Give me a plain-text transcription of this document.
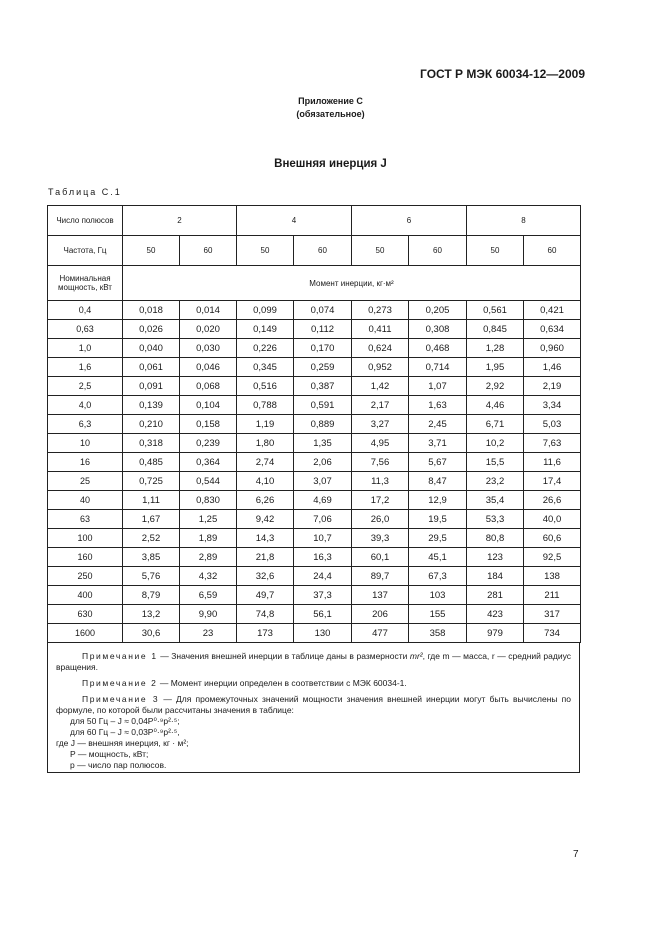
ГОСТ Р МЭК 60034-12—2009
Приложение С
(обязательное)
Внешняя инерция J
Таблица С.1
Число полюсов	2		4		6		8	
Частота, Гц	50	60	50	60	50	60	50	60
Номинальная мощность, кВт	Момент инерции, кг·м²							
0,4	0,018	0,014	0,099	0,074	0,273	0,205	0,561	0,421
0,63	0,026	0,020	0,149	0,112	0,411	0,308	0,845	0,634
1,0	0,040	0,030	0,226	0,170	0,624	0,468	1,28	0,960
1,6	0,061	0,046	0,345	0,259	0,952	0,714	1,95	1,46
2,5	0,091	0,068	0,516	0,387	1,42	1,07	2,92	2,19
4,0	0,139	0,104	0,788	0,591	2,17	1,63	4,46	3,34
6,3	0,210	0,158	1,19	0,889	3,27	2,45	6,71	5,03
10	0,318	0,239	1,80	1,35	4,95	3,71	10,2	7,63
16	0,485	0,364	2,74	2,06	7,56	5,67	15,5	11,6
25	0,725	0,544	4,10	3,07	11,3	8,47	23,2	17,4
40	1,11	0,830	6,26	4,69	17,2	12,9	35,4	26,6
63	1,67	1,25	9,42	7,06	26,0	19,5	53,3	40,0
100	2,52	1,89	14,3	10,7	39,3	29,5	80,8	60,6
160	3,85	2,89	21,8	16,3	60,1	45,1	123	92,5
250	5,76	4,32	32,6	24,4	89,7	67,3	184	138
400	8,79	6,59	49,7	37,3	137	103	281	211
630	13,2	9,90	74,8	56,1	206	155	423	317
1600	30,6	23	173	130	477	358	979	734

Примечание 1 — Значения внешней инерции в таблице даны в размерности mr², где m — масса, r — средний радиус вращения.

Примечание 2 — Момент инерции определен в соответствии с МЭК 60034-1.

Примечание 3 — Для промежуточных значений мощности значения внешней инерции могут быть вычислены по формуле, по которой были рассчитаны значения в таблице:

для 50 Гц – J ≈ 0,04P⁰·⁹p²·⁵;
для 60 Гц – J ≈ 0,03P⁰·⁹p²·⁵,
где J — внешняя инерция, кг · м²;
P — мощность, кВт;
p — число пар полюсов.
7
